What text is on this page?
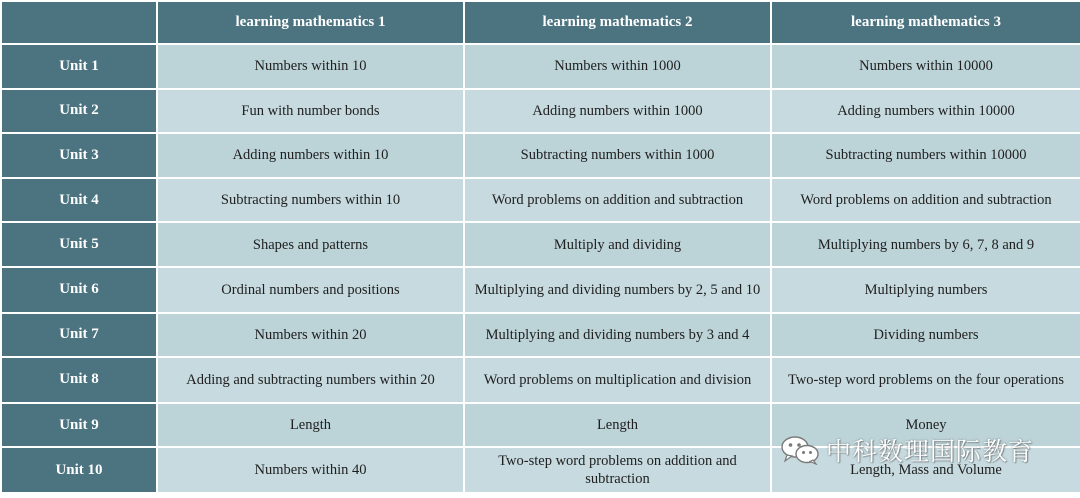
	learning mathematics 1	learning mathematics 2	learning mathematics 3
Unit 1	Numbers within 10	Numbers within 1000	Numbers within 10000
Unit 2	Fun with number bonds	Adding numbers within 1000	Adding numbers within 10000
Unit 3	Adding numbers within 10	Subtracting numbers within 1000	Subtracting numbers within 10000
Unit 4	Subtracting numbers within 10	Word problems on addition and subtraction	Word problems on addition and subtraction
Unit 5	Shapes and patterns	Multiply and dividing	Multiplying numbers by 6, 7, 8 and 9
Unit 6	Ordinal numbers and positions	Multiplying and dividing numbers by 2, 5 and 10	Multiplying numbers
Unit 7	Numbers within 20	Multiplying and dividing numbers by 3 and 4	Dividing numbers
Unit 8	Adding and subtracting numbers within 20	Word problems on multiplication and division	Two-step word problems on the four operations
Unit 9	Length	Length	Money
Unit 10	Numbers within 40	Two-step word problems on addition and subtraction	Length, Mass and Volume
中科数理国际教育
